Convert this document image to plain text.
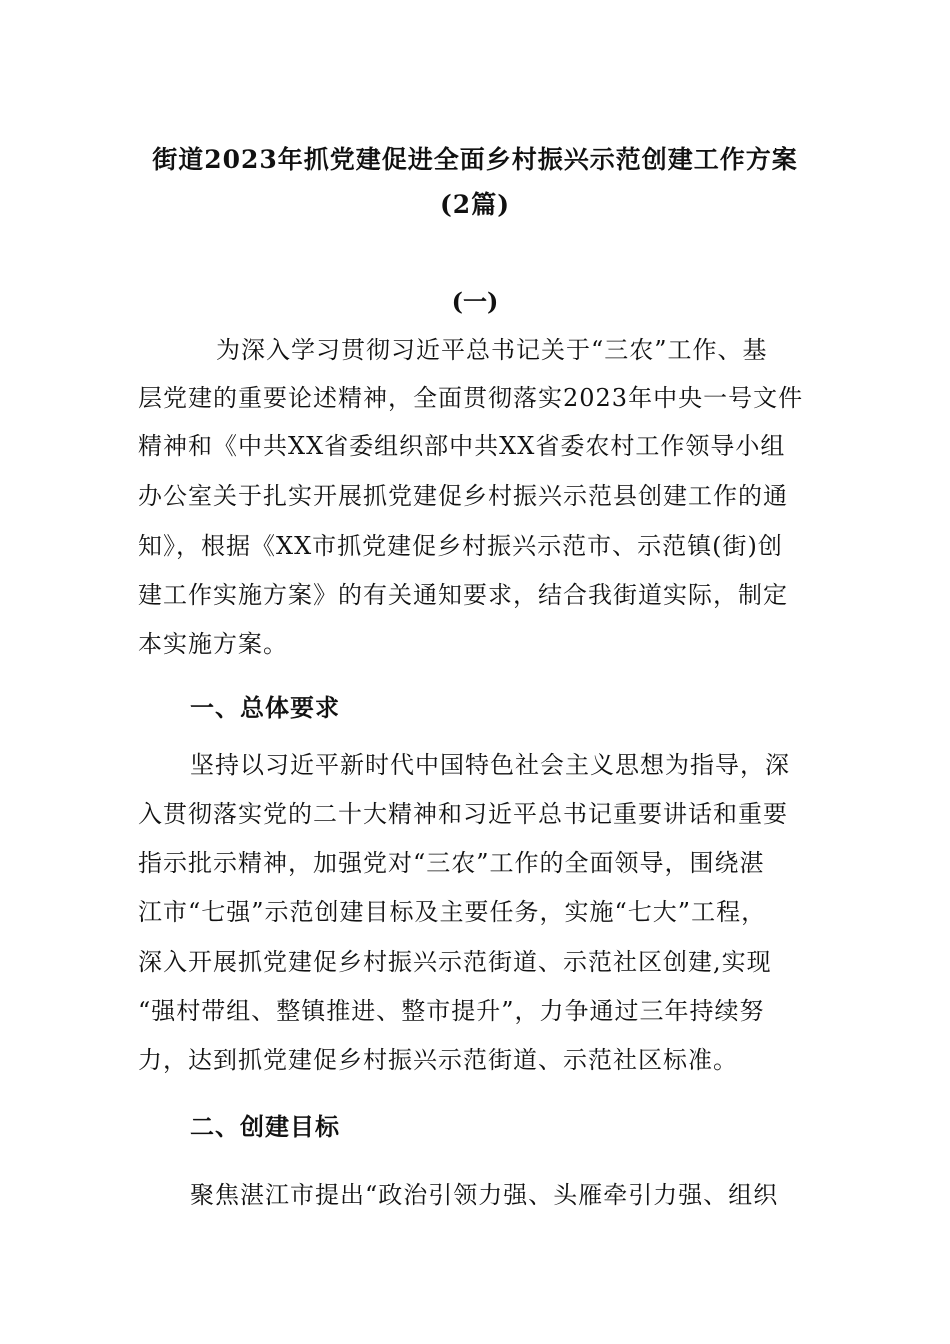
街道2023年抓党建促进全面乡村振兴示范创建工作方案
(2篇)
(一)
为深入学习贯彻习近平总书记关于“三农”工作、基
层党建的重要论述精神，全面贯彻落实2023年中央一号文件
精神和《中共XX省委组织部中共XX省委农村工作领导小组
办公室关于扎实开展抓党建促乡村振兴示范县创建工作的通
知》，根据《XX市抓党建促乡村振兴示范市、示范镇(街)创
建工作实施方案》的有关通知要求，结合我街道实际，制定
本实施方案。
一、总体要求
坚持以习近平新时代中国特色社会主义思想为指导，深
入贯彻落实党的二十大精神和习近平总书记重要讲话和重要
指示批示精神，加强党对“三农”工作的全面领导，围绕湛
江市“七强”示范创建目标及主要任务，实施“七大”工程，
深入开展抓党建促乡村振兴示范街道、示范社区创建,实现
“强村带组、整镇推进、整市提升”，力争通过三年持续努
力，达到抓党建促乡村振兴示范街道、示范社区标准。
二、创建目标
聚焦湛江市提出“政治引领力强、头雁牵引力强、组织
